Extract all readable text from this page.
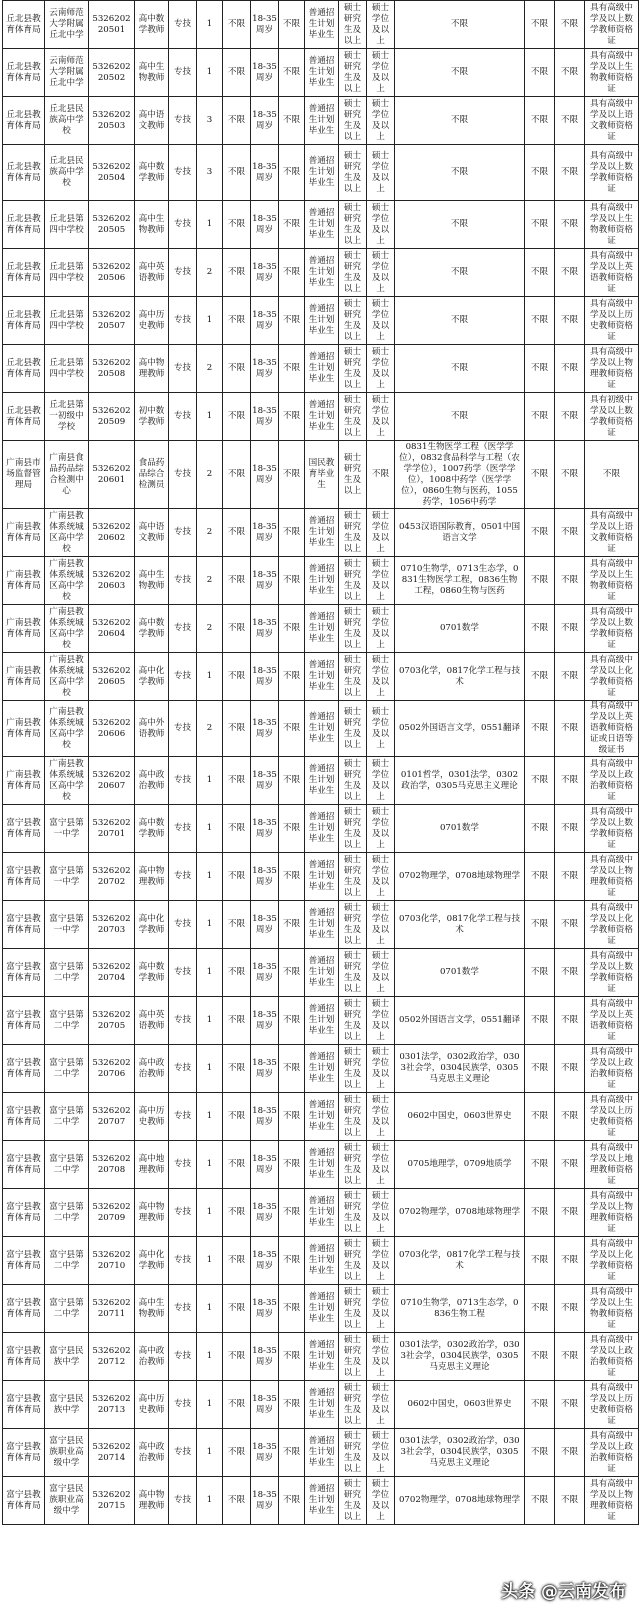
丘北县教育体育局	云南师范大学附属丘北中学	532620220501	高中数学教师	专技	1	不限	18-35周岁	不限	普通招生计划毕业生	硕士研究生及以上	硕士学位及以上	不限	不限	不限	具有高级中学及以上数学教师资格证
丘北县教育体育局	云南师范大学附属丘北中学	532620220502	高中生物教师	专技	1	不限	18-35周岁	不限	普通招生计划毕业生	硕士研究生及以上	硕士学位及以上	不限	不限	不限	具有高级中学及以上生物教师资格证
丘北县教育体育局	丘北县民族高中学校	532620220503	高中语文教师	专技	3	不限	18-35周岁	不限	普通招生计划毕业生	硕士研究生及以上	硕士学位及以上	不限	不限	不限	具有高级中学及以上语文教师资格证
丘北县教育体育局	丘北县民族高中学校	532620220504	高中数学教师	专技	3	不限	18-35周岁	不限	普通招生计划毕业生	硕士研究生及以上	硕士学位及以上	不限	不限	不限	具有高级中学及以上数学教师资格证
丘北县教育体育局	丘北县第四中学校	532620220505	高中生物教师	专技	1	不限	18-35周岁	不限	普通招生计划毕业生	硕士研究生及以上	硕士学位及以上	不限	不限	不限	具有高级中学及以上生物教师资格证
丘北县教育体育局	丘北县第四中学校	532620220506	高中英语教师	专技	2	不限	18-35周岁	不限	普通招生计划毕业生	硕士研究生及以上	硕士学位及以上	不限	不限	不限	具有高级中学及以上英语教师资格证
丘北县教育体育局	丘北县第四中学校	532620220507	高中历史教师	专技	1	不限	18-35周岁	不限	普通招生计划毕业生	硕士研究生及以上	硕士学位及以上	不限	不限	不限	具有高级中学及以上历史教师资格证
丘北县教育体育局	丘北县第四中学校	532620220508	高中物理教师	专技	2	不限	18-35周岁	不限	普通招生计划毕业生	硕士研究生及以上	硕士学位及以上	不限	不限	不限	具有高级中学及以上物理教师资格证
丘北县教育体育局	丘北县第一初级中学校	532620220509	初中数学教师	专技	1	不限	18-35周岁	不限	普通招生计划毕业生	硕士研究生及以上	硕士学位及以上	不限	不限	不限	具有初级中学及以上数学教师资格证
广南县市场监督管理局	广南县食品药品综合检测中心	532620220601	食品药品综合检测员	专技	2	不限	18-35周岁	不限	国民教育毕业生	硕士研究生及以上	不限	0831生物医学工程（医学学位），0832食品科学与工程（农学学位），1007药学（医学学位），1008中药学（医学学位），0860生物与医药，1055药学，1056中药学	不限	不限	不限
广南县教育体育局	广南县教体系统城区高中学校	532620220602	高中语文教师	专技	2	不限	18-35周岁	不限	普通招生计划毕业生	硕士研究生及以上	硕士学位及以上	0453汉语国际教育，0501中国语言文学	不限	不限	具有高级中学及以上语文教师资格证
广南县教育体育局	广南县教体系统城区高中学校	532620220603	高中生物教师	专技	2	不限	18-35周岁	不限	普通招生计划毕业生	硕士研究生及以上	硕士学位及以上	0710生物学，0713生态学，0831生物医学工程，0836生物工程，0860生物与医药	不限	不限	具有高级中学及以上生物教师资格证
广南县教育体育局	广南县教体系统城区高中学校	532620220604	高中数学教师	专技	2	不限	18-35周岁	不限	普通招生计划毕业生	硕士研究生及以上	硕士学位及以上	0701数学	不限	不限	具有高级中学及以上数学教师资格证
广南县教育体育局	广南县教体系统城区高中学校	532620220605	高中化学教师	专技	1	不限	18-35周岁	不限	普通招生计划毕业生	硕士研究生及以上	硕士学位及以上	0703化学，0817化学工程与技术	不限	不限	具有高级中学及以上化学教师资格证
广南县教育体育局	广南县教体系统城区高中学校	532620220606	高中外语教师	专技	2	不限	18-35周岁	不限	普通招生计划毕业生	硕士研究生及以上	硕士学位及以上	0502外国语言文学，0551翻译	不限	不限	具有高级中学及以上英语教师资格证或日语等级证书
广南县教育体育局	广南县教体系统城区高中学校	532620220607	高中政治教师	专技	1	不限	18-35周岁	不限	普通招生计划毕业生	硕士研究生及以上	硕士学位及以上	0101哲学，0301法学，0302政治学，0305马克思主义理论	不限	不限	具有高级中学及以上政治教师资格证
富宁县教育体育局	富宁县第一中学	532620220701	高中数学教师	专技	1	不限	18-35周岁	不限	普通招生计划毕业生	硕士研究生及以上	硕士学位及以上	0701数学	不限	不限	具有高级中学及以上数学教师资格证
富宁县教育体育局	富宁县第一中学	532620220702	高中物理教师	专技	1	不限	18-35周岁	不限	普通招生计划毕业生	硕士研究生及以上	硕士学位及以上	0702物理学，0708地球物理学	不限	不限	具有高级中学及以上物理教师资格证
富宁县教育体育局	富宁县第一中学	532620220703	高中化学教师	专技	1	不限	18-35周岁	不限	普通招生计划毕业生	硕士研究生及以上	硕士学位及以上	0703化学，0817化学工程与技术	不限	不限	具有高级中学及以上化学教师资格证
富宁县教育体育局	富宁县第二中学	532620220704	高中数学教师	专技	1	不限	18-35周岁	不限	普通招生计划毕业生	硕士研究生及以上	硕士学位及以上	0701数学	不限	不限	具有高级中学及以上数学教师资格证
富宁县教育体育局	富宁县第二中学	532620220705	高中英语教师	专技	1	不限	18-35周岁	不限	普通招生计划毕业生	硕士研究生及以上	硕士学位及以上	0502外国语言文学，0551翻译	不限	不限	具有高级中学及以上英语教师资格证
富宁县教育体育局	富宁县第二中学	532620220706	高中政治教师	专技	1	不限	18-35周岁	不限	普通招生计划毕业生	硕士研究生及以上	硕士学位及以上	0301法学，0302政治学，0303社会学，0304民族学，0305马克思主义理论	不限	不限	具有高级中学及以上政治教师资格证
富宁县教育体育局	富宁县第二中学	532620220707	高中历史教师	专技	1	不限	18-35周岁	不限	普通招生计划毕业生	硕士研究生及以上	硕士学位及以上	0602中国史，0603世界史	不限	不限	具有高级中学及以上历史教师资格证
富宁县教育体育局	富宁县第二中学	532620220708	高中地理教师	专技	1	不限	18-35周岁	不限	普通招生计划毕业生	硕士研究生及以上	硕士学位及以上	0705地理学，0709地质学	不限	不限	具有高级中学及以上地理教师资格证
富宁县教育体育局	富宁县第二中学	532620220709	高中物理教师	专技	1	不限	18-35周岁	不限	普通招生计划毕业生	硕士研究生及以上	硕士学位及以上	0702物理学，0708地球物理学	不限	不限	具有高级中学及以上物理教师资格证
富宁县教育体育局	富宁县第二中学	532620220710	高中化学教师	专技	1	不限	18-35周岁	不限	普通招生计划毕业生	硕士研究生及以上	硕士学位及以上	0703化学，0817化学工程与技术	不限	不限	具有高级中学及以上化学教师资格证
富宁县教育体育局	富宁县第二中学	532620220711	高中生物教师	专技	1	不限	18-35周岁	不限	普通招生计划毕业生	硕士研究生及以上	硕士学位及以上	0710生物学，0713生态学，0836生物工程	不限	不限	具有高级中学及以上生物教师资格证
富宁县教育体育局	富宁县民族中学	532620220712	高中政治教师	专技	1	不限	18-35周岁	不限	普通招生计划毕业生	硕士研究生及以上	硕士学位及以上	0301法学，0302政治学，0303社会学，0304民族学，0305马克思主义理论	不限	不限	具有高级中学及以上政治教师资格证
富宁县教育体育局	富宁县民族中学	532620220713	高中历史教师	专技	1	不限	18-35周岁	不限	普通招生计划毕业生	硕士研究生及以上	硕士学位及以上	0602中国史，0603世界史	不限	不限	具有高级中学及以上历史教师资格证
富宁县教育体育局	富宁县民族职业高级中学	532620220714	高中政治教师	专技	1	不限	18-35周岁	不限	普通招生计划毕业生	硕士研究生及以上	硕士学位及以上	0301法学，0302政治学，0303社会学，0304民族学，0305马克思主义理论	不限	不限	具有高级中学及以上政治教师资格证
富宁县教育体育局	富宁县民族职业高级中学	532620220715	高中物理教师	专技	1	不限	18-35周岁	不限	普通招生计划毕业生	硕士研究生及以上	硕士学位及以上	0702物理学，0708地球物理学	不限	不限	具有高级中学及以上物理教师资格证
头条 @云南发布
